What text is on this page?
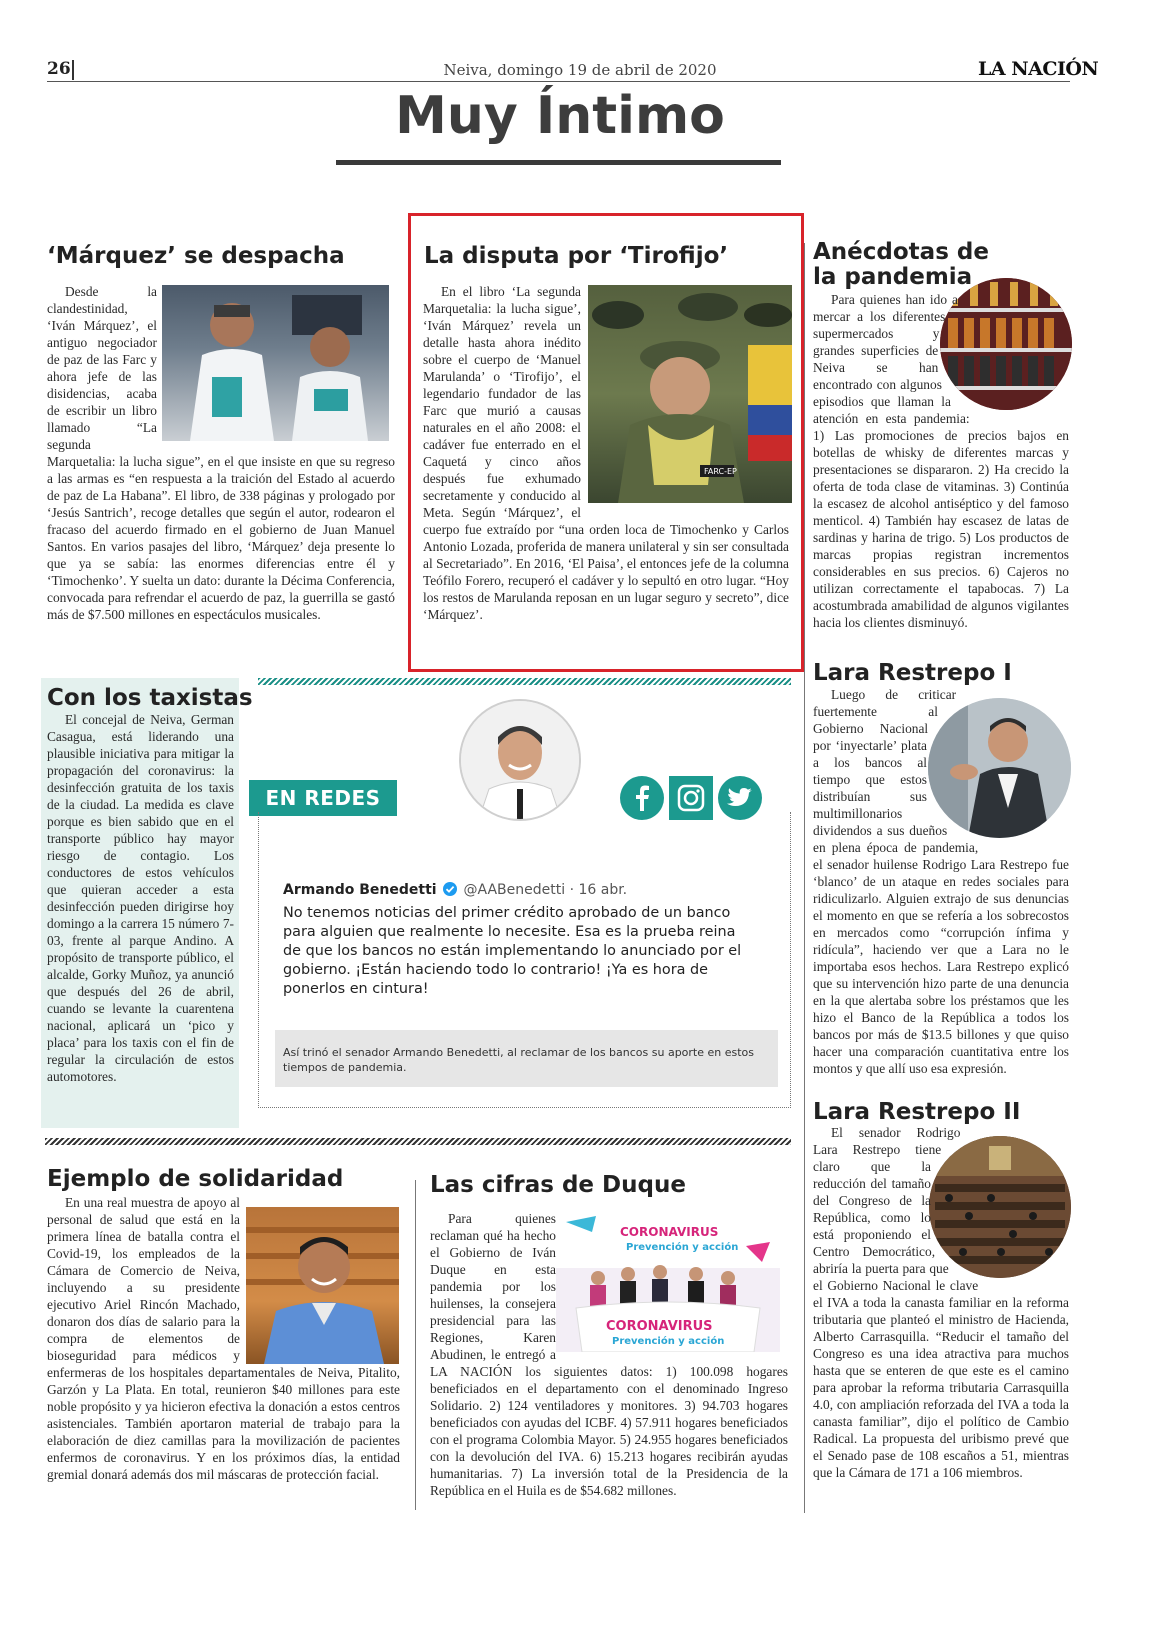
26	Neiva, domingo 19 de abril de 2020	LA NACIÓN
Muy Íntimo
‘Márquez’ se despacha
Desde la clandestinidad, ‘Iván Márquez’, el antiguo negociador de paz de las Farc y ahora jefe de las disidencias, acaba de escribir un libro llamado “La segunda Marquetalia: la lucha sigue”, en el que insiste en que su regreso a las armas es “en respuesta a la traición del Estado al acuerdo de paz de La Habana”. El libro, de 338 páginas y prologado por ‘Jesús Santrich’, recoge detalles que según el autor, rodearon el fracaso del acuerdo firmado en el gobierno de Juan Manuel Santos. En varios pasajes del libro, ‘Márquez’ deja presente lo que ya se sabía: las enormes diferencias entre él y ‘Timochenko’. Y suelta un dato: durante la Décima Conferencia, convocada para refrendar el acuerdo de paz, la guerrilla se gastó más de $7.500 millones en espectáculos musicales.
La disputa por ‘Tirofijo’
FARC-EP
En el libro ‘La segunda Marquetalia: la lucha sigue’, ‘Iván Márquez’ revela un detalle hasta ahora inédito sobre el cuerpo de ‘Manuel Marulanda’ o ‘Tirofijo’, el legendario fundador de las Farc que murió a causas naturales en el año 2008: el cadáver fue enterrado en el Caquetá y cinco años después fue exhumado secretamente y conducido al Meta. Según ‘Márquez’, el cuerpo fue extraído por “una orden loca de Timochenko y Carlos Antonio Lozada, proferida de manera unilateral y sin ser consultada al Secretariado”. En 2016, ‘El Paisa’, el entonces jefe de la columna Teófilo Forero, recuperó el cadáver y lo sepultó en otro lugar. “Hoy los restos de Marulanda reposan en un lugar seguro y secreto”, dice ‘Márquez’.
Anécdotas de la pandemia
Para quienes han ido a mercar a los diferentes supermercados y grandes superficies de Neiva se han encontrado con algunos episodios que llaman la atención en esta pandemia: 1) Las promociones de precios bajos en botellas de whisky de diferentes marcas y presentaciones se dispararon. 2) Ha crecido la oferta de toda clase de vitaminas. 3) Continúa la escasez de alcohol antiséptico y del famoso menticol. 4) También hay escasez de latas de sardinas y harina de trigo. 5) Los productos de marcas propias registran incrementos considerables en sus precios. 6) Cajeros no utilizan correctamente el tapabocas. 7) La acostumbrada amabilidad de algunos vigilantes hacia los clientes disminuyó.
Con los taxistas
El concejal de Neiva, German Casagua, está liderando una plausible iniciativa para mitigar la propagación del coronavirus: la desinfección gratuita de los taxis de la ciudad. La medida es clave porque es bien sabido que en el transporte público hay mayor riesgo de contagio. Los conductores de estos vehículos que quieran acceder a esta desinfección pueden dirigirse hoy domingo a la carrera 15 número 7-03, frente al parque Andino. A propósito de transporte público, el alcalde, Gorky Muñoz, ya anunció que después del 26 de abril, cuando se levante la cuarentena nacional, aplicará un ‘pico y placa’ para los taxis con el fin de regular la circulación de estos automotores.
EN REDES
Armando Benedetti @AABenedetti · 16 abr.
No tenemos noticias del primer crédito aprobado de un banco para alguien que realmente lo necesite. Esa es la prueba reina de que los bancos no están implementando lo anunciado por el gobierno. ¡Están haciendo todo lo contrario! ¡Ya es hora de ponerlos en cintura!
Así trinó el senador Armando Benedetti, al reclamar de los bancos su aporte en estos tiempos de pandemia.
Lara Restrepo I
Luego de criticar fuertemente al Gobierno Nacional por ‘inyectarle’ plata a los bancos al tiempo que estos distribuían sus multimillonarios dividendos a sus dueños en plena época de pandemia, el senador huilense Rodrigo Lara Restrepo fue ‘blanco’ de un ataque en redes sociales para ridiculizarlo. Alguien extrajo de sus denuncias el momento en que se refería a los sobrecostos en mercados como “corrupción ínfima y ridícula”, haciendo ver que a Lara no le importaba esos hechos. Lara Restrepo explicó que su intervención hizo parte de una denuncia en la que alertaba sobre los préstamos que les hizo el Banco de la República a todos los bancos por más de $13.5 billones y que quiso hacer una comparación cuantitativa entre los montos y que allí uso esa expresión.
Lara Restrepo II
El senador Rodrigo Lara Restrepo tiene claro que la reducción del tamaño del Congreso de la República, como lo está proponiendo el Centro Democrático, abriría la puerta para que el Gobierno Nacional le clave el IVA a toda la canasta familiar en la reforma tributaria que planteó el ministro de Hacienda, Alberto Carrasquilla. “Reducir el tamaño del Congreso es una idea atractiva para muchos hasta que se enteren de que este es el camino para aprobar la reforma tributaria Carrasquilla 4.0, con ampliación reforzada del IVA a toda la canasta familiar”, dijo el político de Cambio Radical. La propuesta del uribismo prevé que el Senado pase de 108 escaños a 51, mientras que la Cámara de 171 a 106 miembros.
Ejemplo de solidaridad
En una real muestra de apoyo al personal de salud que está en la primera línea de batalla contra el Covid-19, los empleados de la Cámara de Comercio de Neiva, incluyendo a su presidente ejecutivo Ariel Rincón Machado, donaron dos días de salario para la compra de elementos de bioseguridad para médicos y enfermeras de los hospitales departamentales de Neiva, Pitalito, Garzón y La Plata. En total, reunieron $40 millones para este noble propósito y ya hicieron efectiva la donación a estos centros asistenciales. También aportaron material de trabajo para la elaboración de diez camillas para la movilización de pacientes enfermos de coronavirus. Y en los próximos días, la entidad gremial donará además dos mil máscaras de protección facial.
Las cifras de Duque
CORONAVIRUS
Prevención y acción
CORONAVIRUS
Prevención y acción
Para quienes reclaman qué ha hecho el Gobierno de Iván Duque en esta pandemia por los huilenses, la consejera presidencial para las Regiones, Karen Abudinen, le entregó a LA NACIÓN los siguientes datos: 1) 100.098 hogares beneficiados en el departamento con el denominado Ingreso Solidario. 2) 124 ventiladores y monitores. 3) 94.703 hogares beneficiados con ayudas del ICBF. 4) 57.911 hogares beneficiados con el programa Colombia Mayor. 5) 24.955 hogares beneficiados con la devolución del IVA. 6) 15.213 hogares recibirán ayudas humanitarias. 7) La inversión total de la Presidencia de la República en el Huila es de $54.682 millones.
